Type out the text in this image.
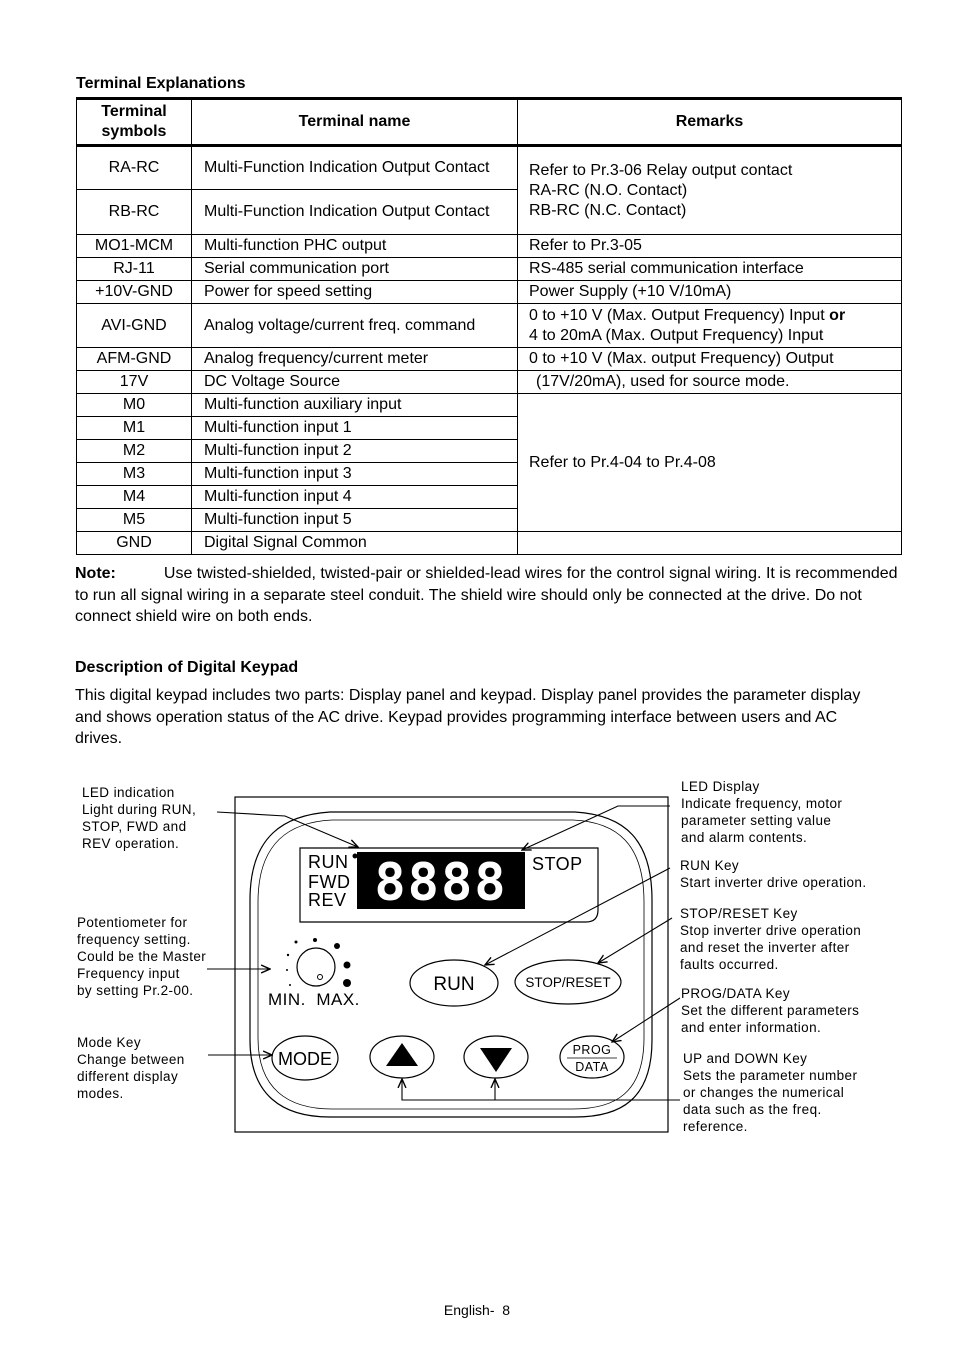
Terminal Explanations
Terminal symbols	Terminal name	Remarks
RA-RC	Multi-Function Indication Output Contact	Refer to Pr.3-06 Relay output contact
RA-RC (N.O. Contact)
RB-RC (N.C. Contact)

RB-RC	Multi-Function Indication Output Contact	
MO1-MCM	Multi-function PHC output	Refer to Pr.3-05
RJ-11	Serial communication port	RS-485 serial communication interface
+10V-GND	Power for speed setting	Power Supply (+10 V/10mA)
AVI-GND	Analog voltage/current freq. command	0 to +10 V (Max. Output Frequency) Input or
4 to 20mA (Max. Output Frequency) Input

AFM-GND	Analog frequency/current meter	0 to +10 V (Max. output Frequency) Output
17V	DC Voltage Source	(17V/20mA), used for source mode.
M0	Multi-function auxiliary input	Refer to Pr.4-04 to Pr.4-08
M1	Multi-function input 1	
M2	Multi-function input 2	
M3	Multi-function input 3	
M4	Multi-function input 4	
M5	Multi-function input 5	
GND	Digital Signal Common	
Note:	Use twisted-shielded, twisted-pair or shielded-lead wires for the control signal wiring. It is recommended to run all signal wiring in a separate steel conduit. The shield wire should only be connected at the drive. Do not connect shield wire on both ends.
Description of Digital Keypad
This digital keypad includes two parts: Display panel and keypad. Display panel provides the parameter display and shows operation status of the AC drive. Keypad provides programming interface between users and AC drives.
8888
RUN
FWD
REV
STOP
MIN.  MAX.
RUN	STOP/RESET
MODE	PROG
DATA
LED indication
Light during RUN,
STOP, FWD and
REV operation.
Potentiometer for
frequency setting.
Could be the Master
Frequency input
by setting Pr.2-00.
Mode Key
Change between
different display
modes.
LED Display
Indicate frequency, motor
parameter setting value
and alarm contents.
RUN Key
Start inverter drive operation.
STOP/RESET Key
Stop inverter drive operation
and reset the inverter after
faults occurred.
PROG/DATA Key
Set the different parameters
and enter information.
UP and DOWN Key
Sets the parameter number
or changes the numerical
data such as the freq.
reference.
English-  8
